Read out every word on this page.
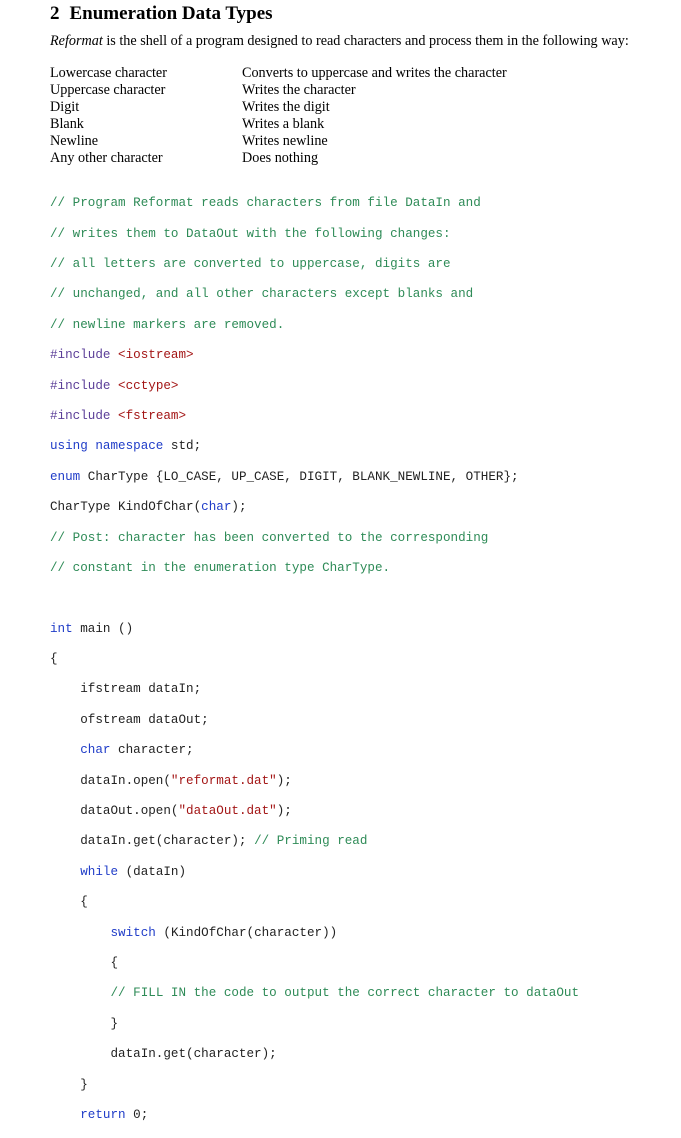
2 Enumeration Data Types
Reformat is the shell of a program designed to read characters and process them in the following way:
Lowercase character	Converts to uppercase and writes the character
Uppercase character	Writes the character
Digit	Writes the digit
Blank	Writes a blank
Newline	Writes newline
Any other character	Does nothing

// Program Reformat reads characters from file DataIn and

// writes them to DataOut with the following changes:

// all letters are converted to uppercase, digits are

// unchanged, and all other characters except blanks and

// newline markers are removed.

#include <iostream>

#include <cctype>

#include <fstream>

using namespace std;

enum CharType {LO_CASE, UP_CASE, DIGIT, BLANK_NEWLINE, OTHER};

CharType KindOfChar(char);

// Post: character has been converted to the corresponding

// constant in the enumeration type CharType.

int main ()

{

ifstream dataIn;

ofstream dataOut;

char character;

dataIn.open("reformat.dat");

dataOut.open("dataOut.dat");

dataIn.get(character); // Priming read

while (dataIn)

{

switch (KindOfChar(character))

{

// FILL IN the code to output the correct character to dataOut

}

dataIn.get(character);

}

return 0;
